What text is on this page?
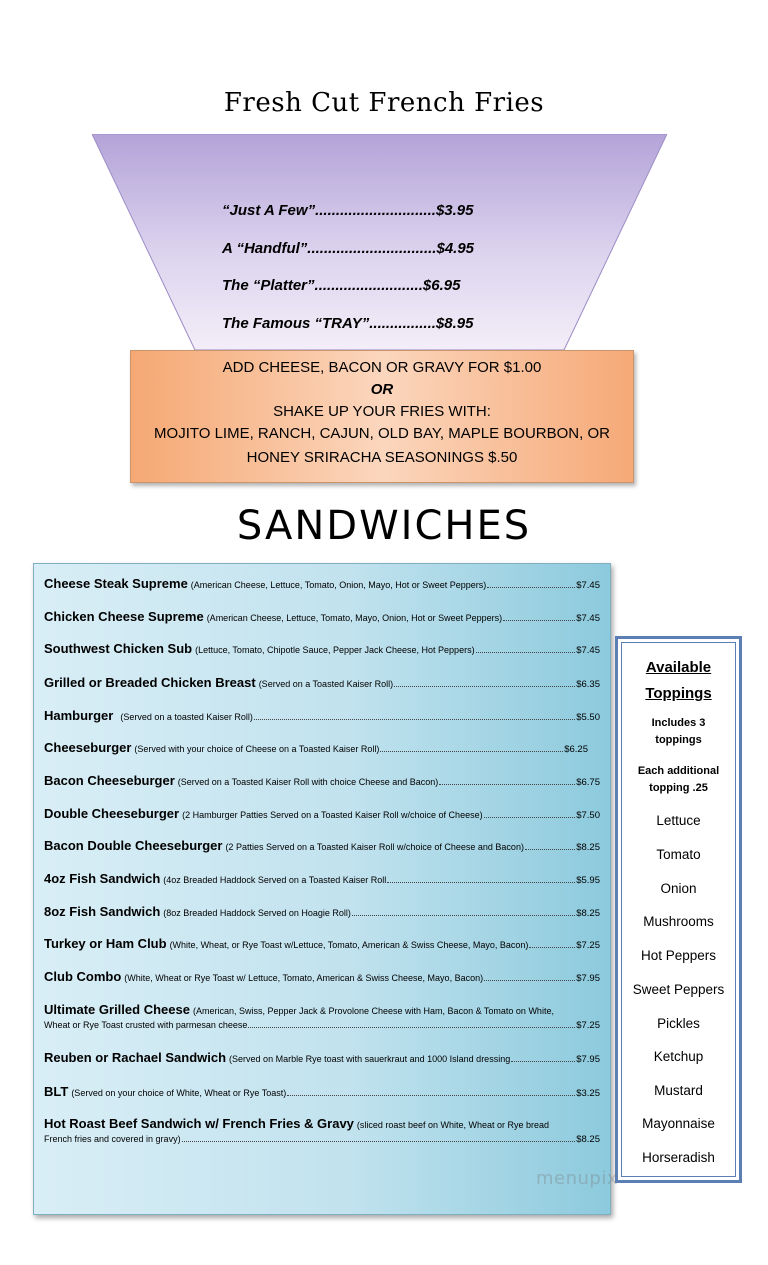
Fresh Cut French Fries
“Just A Few”.............................$3.95
A “Handful”...............................$4.95
The “Platter”..........................$6.95
The Famous “TRAY”................$8.95
ADD CHEESE, BACON OR GRAVY FOR $1.00
OR
SHAKE UP YOUR FRIES WITH:
MOJITO LIME, RANCH, CAJUN, OLD BAY, MAPLE BOURBON, OR
HONEY SRIRACHA SEASONINGS $.50
SANDWICHES
Cheese Steak Supreme (American Cheese, Lettuce, Tomato, Onion, Mayo, Hot or Sweet Peppers)	$7.45
Chicken Cheese Supreme (American Cheese, Lettuce, Tomato, Mayo, Onion, Hot or Sweet Peppers)	$7.45
Southwest Chicken Sub (Lettuce, Tomato, Chipotle Sauce, Pepper Jack Cheese, Hot Peppers)	$7.45
Grilled or Breaded Chicken Breast (Served on a Toasted Kaiser Roll)	$6.35
Hamburger (Served on a toasted Kaiser Roll)	$5.50
Cheeseburger (Served with your choice of Cheese on a Toasted Kaiser Roll)	$6.25
Bacon Cheeseburger (Served on a Toasted Kaiser Roll with choice Cheese and Bacon)	$6.75
Double Cheeseburger (2 Hamburger Patties Served on a Toasted Kaiser Roll w/choice of Cheese)	$7.50
Bacon Double Cheeseburger (2 Patties Served on a Toasted Kaiser Roll w/choice of Cheese and Bacon)	$8.25
4oz Fish Sandwich (4oz Breaded Haddock Served on a Toasted Kaiser Roll	$5.95
8oz Fish Sandwich (8oz Breaded Haddock Served on Hoagie Roll)	$8.25
Turkey or Ham Club (White, Wheat, or Rye Toast w/Lettuce, Tomato, American & Swiss Cheese, Mayo, Bacon)	$7.25
Club Combo (White, Wheat or Rye Toast w/ Lettuce, Tomato, American & Swiss Cheese, Mayo, Bacon)	$7.95
Ultimate Grilled Cheese (American, Swiss, Pepper Jack & Provolone Cheese with Ham, Bacon & Tomato on White,
Wheat or Rye Toast crusted with parmesan cheese	$7.25
Reuben or Rachael Sandwich (Served on Marble Rye toast with sauerkraut and 1000 Island dressing	$7.95
BLT (Served on your choice of White, Wheat or Rye Toast)	$3.25
Hot Roast Beef Sandwich w/ French Fries & Gravy (sliced roast beef on White, Wheat or Rye bread
French fries and covered in gravy)	$8.25
Available
Toppings
Includes 3
toppings
Each additional
topping .25
Lettuce
Tomato
Onion
Mushrooms
Hot Peppers
Sweet Peppers
Pickles
Ketchup
Mustard
Mayonnaise
Horseradish
menupix
